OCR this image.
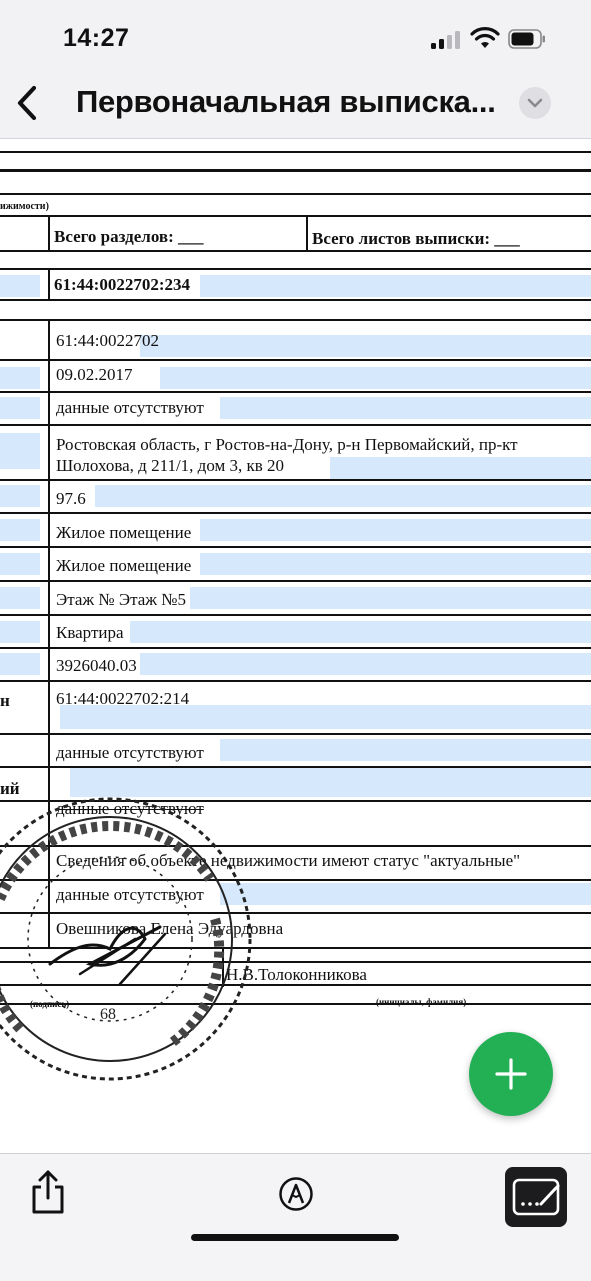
14:27
Первоначальная выписка...
ижимости)
Всего разделов: ___	Всего листов выписки: ___
61:44:0022702:234
61:44:0022702
09.02.2017
данные отсутствуют
Ростовская область, г Ростов-на-Дону, р-н Первомайский, пр-кт
Шолохова, д 211/1, дом 3, кв 20
97.6
Жилое помещение
Жилое помещение
Этаж № Этаж №5
Квартира
3926040.03
61:44:0022702:214
данные отсутствуют
данные отсутствуют
Сведения об объекте недвижимости имеют статус "актуальные"
данные отсутствуют
Овешникова Елена Эдуардовна
н
ий
Н.В.Толоконникова
(подпись)	(инициалы, фамилия)
68
